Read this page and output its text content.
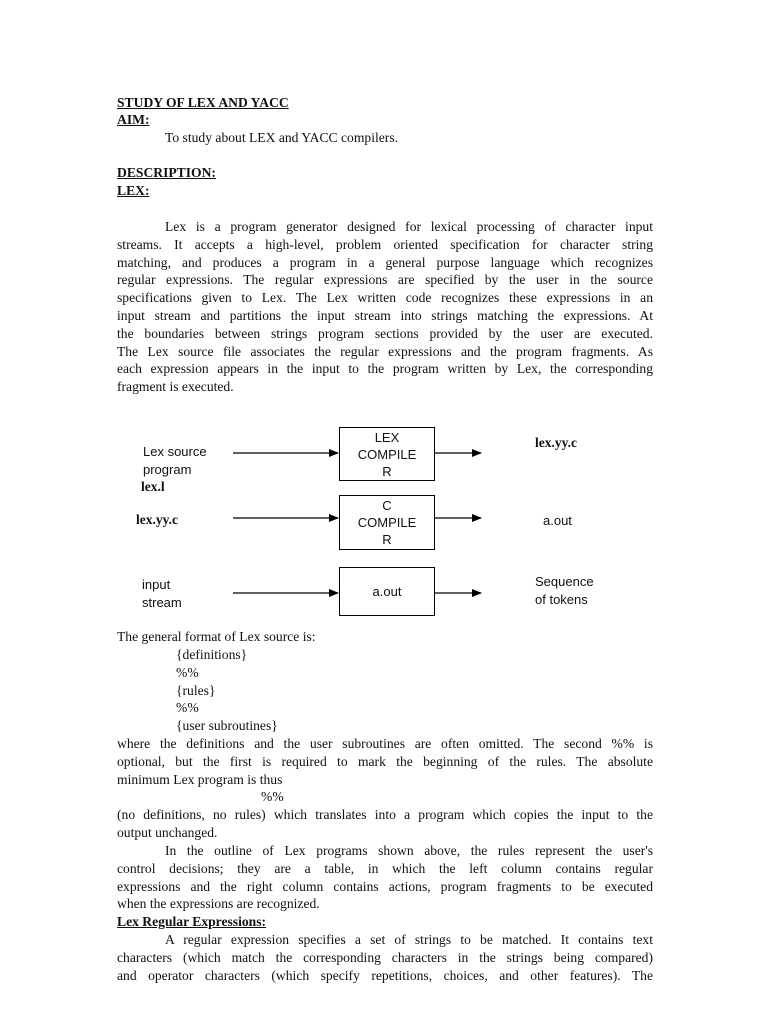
STUDY OF LEX AND YACC
AIM:
To study about LEX and YACC compilers.
DESCRIPTION:
LEX:
Lex is a program generator designed for lexical processing of character input
streams. It accepts a high-level, problem oriented specification for character string
matching, and produces a program in a general purpose language which recognizes
regular expressions. The regular expressions are specified by the user in the source
specifications given to Lex. The Lex written code recognizes these expressions in an
input stream and partitions the input stream into strings matching the expressions. At
the boundaries between strings program sections provided by the user are executed.
The Lex source file associates the regular expressions and the program fragments. As
each expression appears in the input to the program written by Lex, the corresponding
fragment is executed.
Lex source
program
lex.l
LEX
COMPILE
R
lex.yy.c
lex.yy.c
C
COMPILE
R
a.out
input
stream
a.out
Sequence
of tokens
The general format of Lex source is:
{definitions}
%%
{rules}
%%
{user subroutines}
where the definitions and the user subroutines are often omitted. The second %% is
optional, but the first is required to mark the beginning of the rules. The absolute
minimum Lex program is thus
%%
(no definitions, no rules) which translates into a program which copies the input to the
output unchanged.
In the outline of Lex programs shown above, the rules represent the user's
control decisions; they are a table, in which the left column contains regular
expressions and the right column contains actions, program fragments to be executed
when the expressions are recognized.
Lex Regular Expressions:
A regular expression specifies a set of strings to be matched. It contains text
characters (which match the corresponding characters in the strings being compared)
and operator characters (which specify repetitions, choices, and other features). The
